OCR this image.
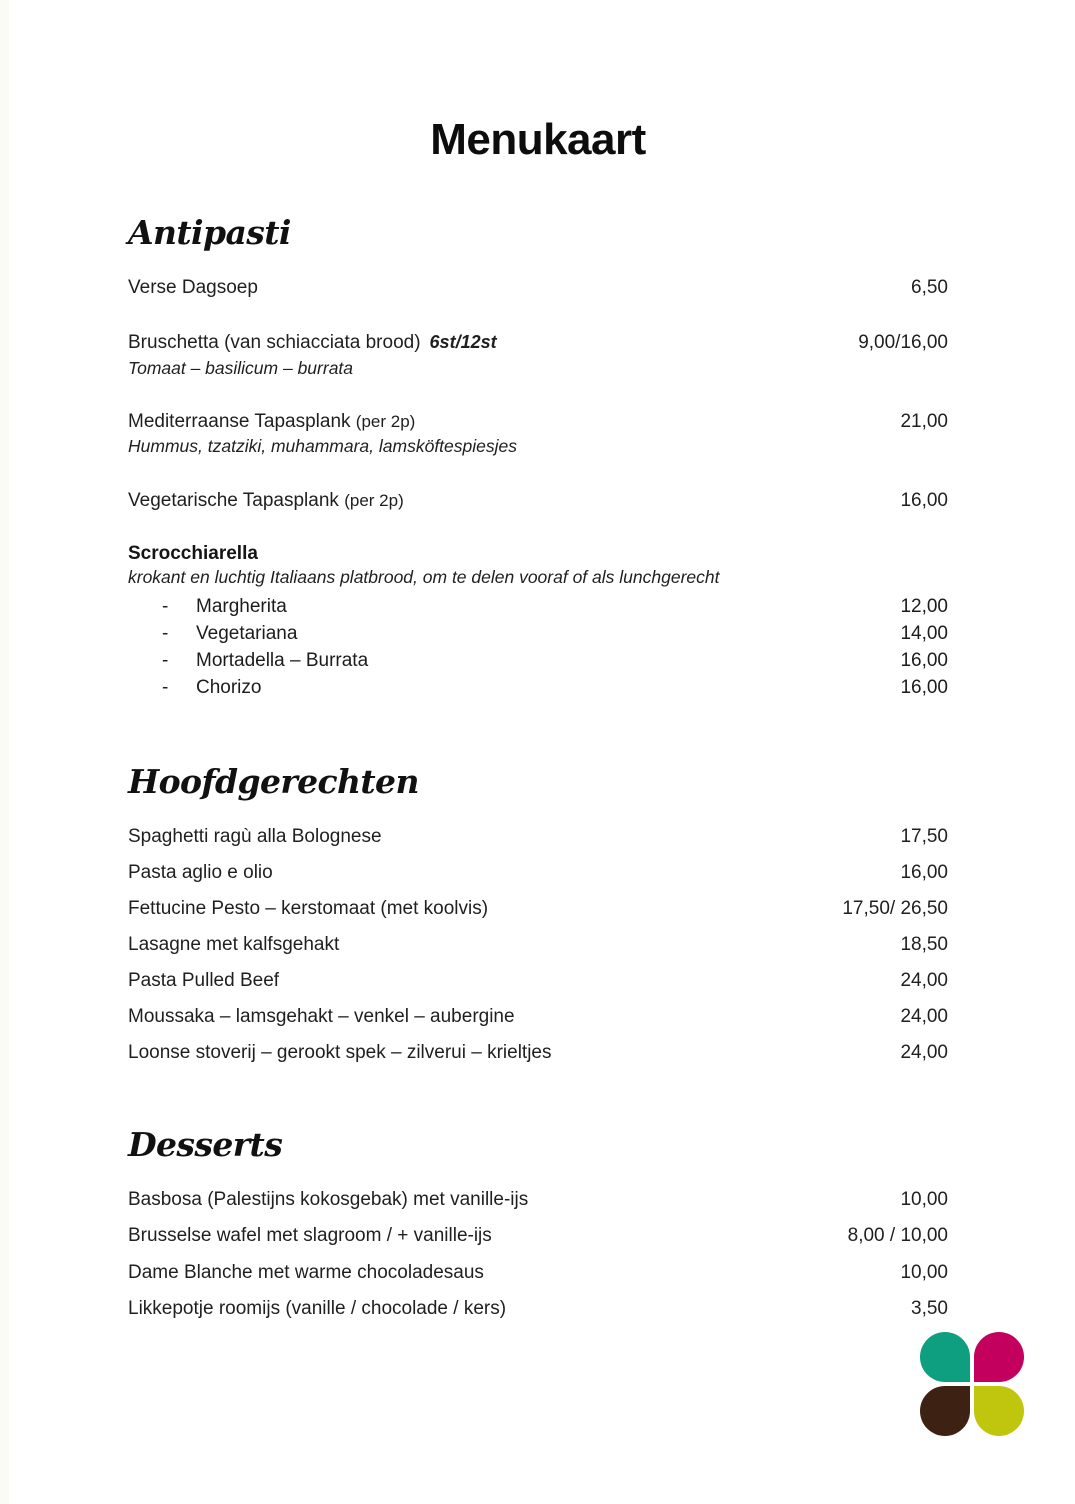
Menukaart
Antipasti
Verse Dagsoep	6,50
Bruschetta (van schiacciata brood) 6st/12st	9,00/16,00
Tomaat – basilicum – burrata
Mediterraanse Tapasplank (per 2p)	21,00
Hummus, tzatziki, muhammara, lamsköftespiesjes
Vegetarische Tapasplank (per 2p)	16,00
Scrocchiarella
krokant en luchtig Italiaans platbrood, om te delen vooraf of als lunchgerecht
-	Margherita	12,00
-	Vegetariana	14,00
-	Mortadella – Burrata	16,00
-	Chorizo	16,00
Hoofdgerechten
Spaghetti ragù alla Bolognese	17,50
Pasta aglio e olio	16,00
Fettucine Pesto – kerstomaat (met koolvis)	17,50/ 26,50
Lasagne met kalfsgehakt	18,50
Pasta Pulled Beef	24,00
Moussaka – lamsgehakt – venkel – aubergine	24,00
Loonse stoverij – gerookt spek – zilverui – krieltjes	24,00
Desserts
Basbosa (Palestijns kokosgebak) met vanille-ijs	10,00
Brusselse wafel met slagroom / + vanille-ijs	8,00 / 10,00
Dame Blanche met warme chocoladesaus	10,00
Likkepotje roomijs (vanille / chocolade / kers)	3,50
